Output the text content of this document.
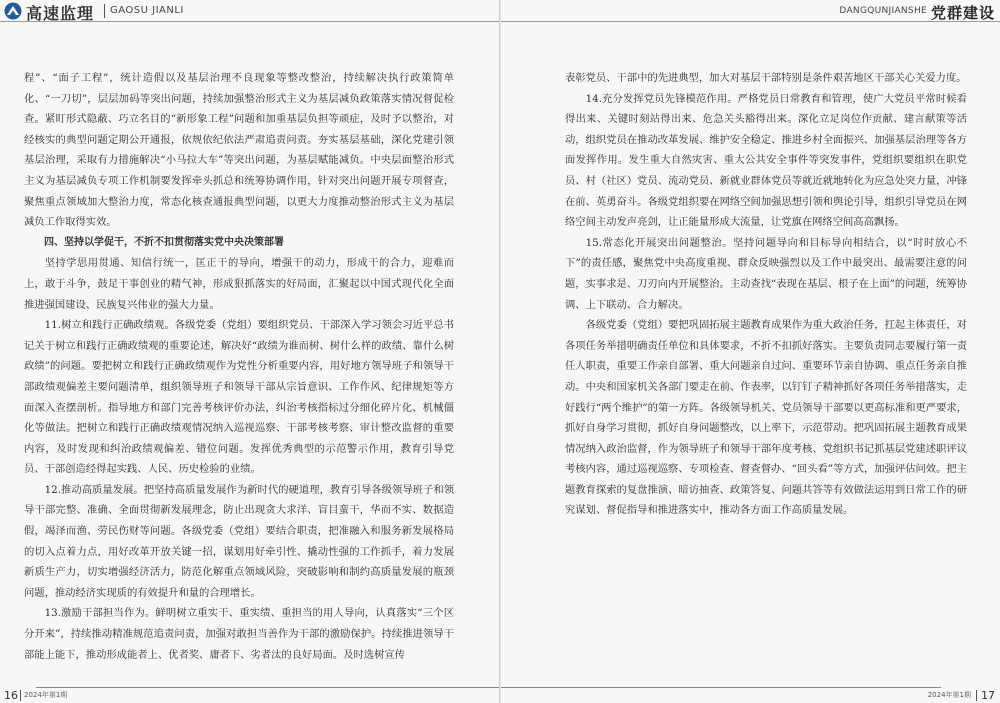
高速监理 GAOSU JIANLI

程”、“面子工程”，统计造假以及基层治理不良现象等整改整治，持续解决执行政策简单化、“一刀切”，层层加码等突出问题，持续加强整治形式主义为基层减负政策落实情况督促检查。紧盯形式隐蔽、巧立名目的“新形象工程”问题和加重基层负担等顽症，及时予以整治，对经核实的典型问题定期公开通报，依规依纪依法严肃追责问责。夯实基层基础，深化党建引领基层治理，采取有力措施解决“小马拉大车”等突出问题，为基层赋能减负。中央层面整治形式主义为基层减负专项工作机制要发挥牵头抓总和统筹协调作用，针对突出问题开展专项督查，聚焦重点领域加大整治力度，常态化核查通报典型问题，以更大力度推动整治形式主义为基层减负工作取得实效。

四、坚持以学促干，不折不扣贯彻落实党中央决策部署

坚持学思用贯通、知信行统一，匡正干的导向，增强干的动力，形成干的合力，迎难而上，敢于斗争，鼓足干事创业的精气神，形成狠抓落实的好局面，汇聚起以中国式现代化全面推进强国建设、民族复兴伟业的强大力量。

11.树立和践行正确政绩观。各级党委（党组）要组织党员、干部深入学习领会习近平总书记关于树立和践行正确政绩观的重要论述，解决好“政绩为谁而树、树什么样的政绩、靠什么树政绩”的问题。要把树立和践行正确政绩观作为党性分析重要内容，用好地方领导班子和领导干部政绩观偏差主要问题清单，组织领导班子和领导干部从宗旨意识、工作作风、纪律规矩等方面深入查摆剖析。指导地方和部门完善考核评价办法，纠治考核指标过分细化碎片化、机械僵化等做法。把树立和践行正确政绩观情况纳入巡视巡察、干部考核考察、审计整改监督的重要内容，及时发现和纠治政绩观偏差、错位问题。发挥优秀典型的示范警示作用，教育引导党员、干部创造经得起实践、人民、历史检验的业绩。

12.推动高质量发展。把坚持高质量发展作为新时代的硬道理，教育引导各级领导班子和领导干部完整、准确、全面贯彻新发展理念，防止出现贪大求洋、盲目蛮干，华而不实、数据造假，竭泽而渔、劳民伤财等问题。各级党委（党组）要结合职责，把准融入和服务新发展格局的切入点着力点，用好改革开放关键一招，谋划用好牵引性、撬动性强的工作抓手，着力发展新质生产力，切实增强经济活力，防范化解重点领域风险，突破影响和制约高质量发展的瓶颈问题，推动经济实现质的有效提升和量的合理增长。

13.激励干部担当作为。鲜明树立重实干、重实绩、重担当的用人导向，认真落实“三个区分开来”，持续推动精准规范追责问责，加强对敢担当善作为干部的激励保护。持续推进领导干部能上能下，推动形成能者上、优者奖、庸者下、劣者汰的良好局面。及时选树宣传

16 2024年第1期
DANGQUNJIANSHE 党群建设

表彰党员、干部中的先进典型，加大对基层干部特别是条件艰苦地区干部关心关爱力度。

14.充分发挥党员先锋模范作用。严格党员日常教育和管理，使广大党员平常时候看得出来、关键时刻站得出来、危急关头豁得出来。深化立足岗位作贡献、建言献策等活动，组织党员在推动改革发展、维护安全稳定、推进乡村全面振兴、加强基层治理等各方面发挥作用。发生重大自然灾害、重大公共安全事件等突发事件，党组织要组织在职党员、村（社区）党员、流动党员、新就业群体党员等就近就地转化为应急处突力量，冲锋在前、英勇奋斗。各级党组织要在网络空间加强思想引领和舆论引导，组织引导党员在网络空间主动发声亮剑，让正能量形成大流量，让党旗在网络空间高高飘扬。

15.常态化开展突出问题整治。坚持问题导向和目标导向相结合，以“时时放心不下”的责任感，聚焦党中央高度重视、群众反映强烈以及工作中最突出、最需要注意的问题，实事求是、刀刃向内开展整治。主动查找“表现在基层、根子在上面”的问题，统筹协调、上下联动、合力解决。

各级党委（党组）要把巩固拓展主题教育成果作为重大政治任务，扛起主体责任，对各项任务举措明确责任单位和具体要求，不折不扣抓好落实。主要负责同志要履行第一责任人职责，重要工作亲自部署、重大问题亲自过问、重要环节亲自协调、重点任务亲自推动。中央和国家机关各部门要走在前、作表率，以钉钉子精神抓好各项任务举措落实，走好践行“两个维护”的第一方阵。各级领导机关、党员领导干部要以更高标准和更严要求，抓好自身学习贯彻，抓好自身问题整改，以上率下，示范带动。把巩固拓展主题教育成果情况纳入政治监督，作为领导班子和领导干部年度考核、党组织书记抓基层党建述职评议考核内容，通过巡视巡察、专项检查、督查督办、“回头看”等方式，加强评估问效。把主题教育探索的复盘推演、暗访抽查、政策答复、问题共答等有效做法运用到日常工作的研究谋划、督促指导和推进落实中，推动各方面工作高质量发展。

2024年第1期 17
